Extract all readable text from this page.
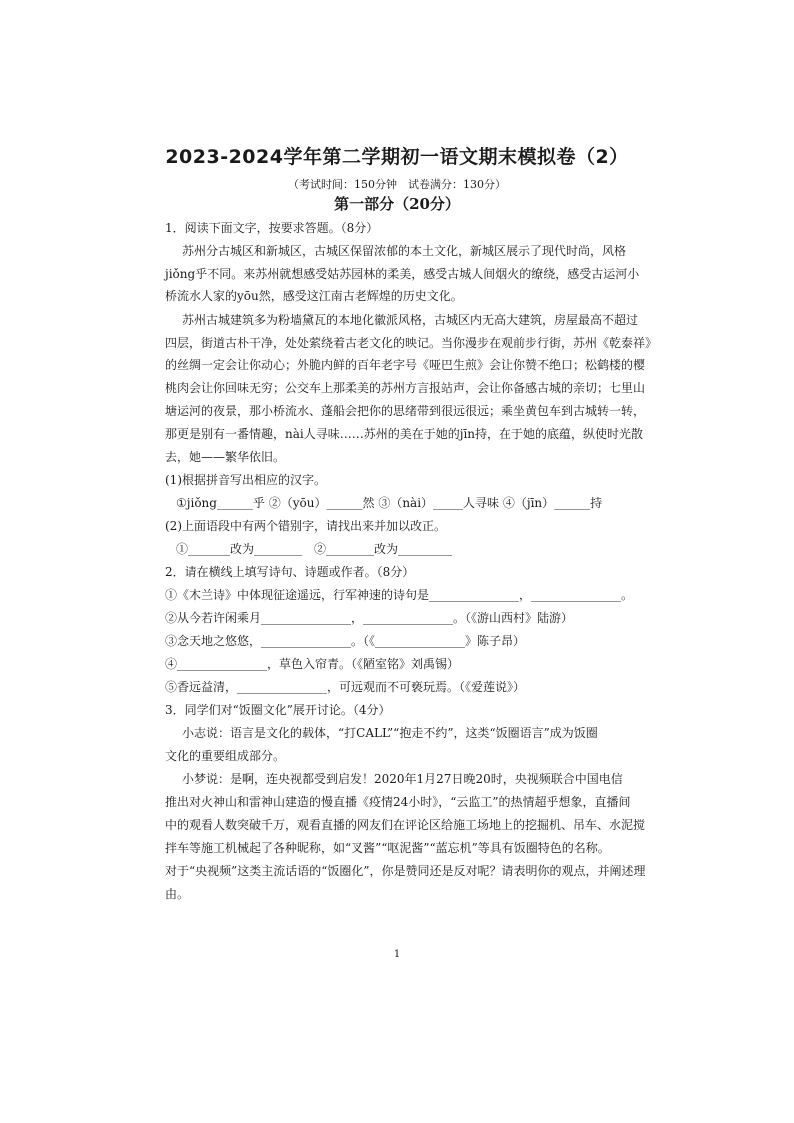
2023-2024学年第二学期初一语文期末模拟卷（2）
（考试时间：150分钟　试卷满分：130分）
第一部分（20分）
1．阅读下面文字，按要求答题。（8分）
苏州分古城区和新城区，古城区保留浓郁的本土文化，新城区展示了现代时尚，风格
jiǒng乎不同。来苏州就想感受姑苏园林的柔美，感受古城人间烟火的缭绕，感受古运河小
桥流水人家的yōu然，感受这江南古老辉煌的历史文化。
苏州古城建筑多为粉墙黛瓦的本地化徽派风格，古城区内无高大建筑，房屋最高不超过
四层，街道古朴干净，处处萦绕着古老文化的映记。当你漫步在观前步行街，苏州《乾泰祥》
的丝绸一定会让你动心；外脆内鲜的百年老字号《哑巴生煎》会让你赞不绝口；松鹤楼的樱
桃肉会让你回味无穷；公交车上那柔美的苏州方言报站声，会让你备感古城的亲切；七里山
塘运河的夜景，那小桥流水、蓬船会把你的思绪带到很远很远；乘坐黄包车到古城转一转，
那更是别有一番情趣，nài人寻味……苏州的美在于她的jīn持，在于她的底蕴，纵使时光散
去，她——繁华依旧。
(1)根据拼音写出相应的汉字。
①jiǒng______乎 ②（yōu）______然 ③（nài）_____人寻味 ④（jīn）______持
(2)上面语段中有两个错别字，请找出来并加以改正。
①_______改为________　②________改为_________
2．请在横线上填写诗句、诗题或作者。（8分）
①《木兰诗》中体现征途遥远，行军神速的诗句是_______________，_______________。
②从今若许闲乘月_______________，_______________。（《游山西村》陆游）
③念天地之悠悠，_______________。（《_______________》陈子昂）
④_______________，草色入帘青。（《陋室铭》刘禹锡）
⑤香远益清，_______________，可远观而不可亵玩焉。（《爱莲说》）
3．同学们对“饭圈文化”展开讨论。（4分）
小志说：语言是文化的载体，“打CALL”“抱走不约”，这类“饭圈语言”成为饭圈
文化的重要组成部分。
小梦说：是啊，连央视都受到启发！2020年1月27日晚20时，央视频联合中国电信
推出对火神山和雷神山建造的慢直播《疫情24小时》，“云监工”的热情超乎想象，直播间
中的观看人数突破千万，观看直播的网友们在评论区给施工场地上的挖掘机、吊车、水泥搅
拌车等施工机械起了各种昵称，如“叉酱”“呕泥酱”“蓝忘机”等具有饭圈特色的名称。
对于“央视频”这类主流话语的“饭圈化”，你是赞同还是反对呢？请表明你的观点，并阐述理
由。
1
